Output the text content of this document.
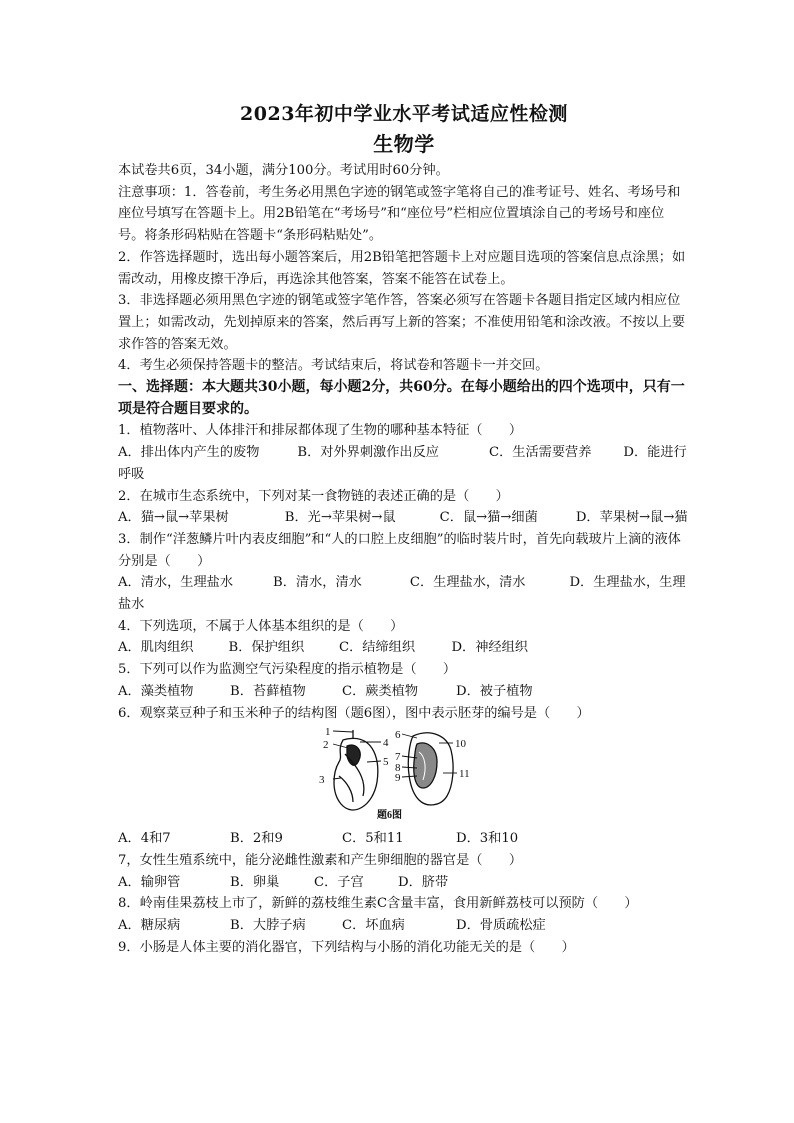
2023年初中学业水平考试适应性检测
生物学

本试卷共6页，34小题，满分100分。考试用时60分钟。

注意事项：1．答卷前，考生务必用黑色字迹的钢笔或签字笔将自己的准考证号、姓名、考场号和座位号填写在答题卡上。用2B铅笔在“考场号”和“座位号”栏相应位置填涂自己的考场号和座位号。将条形码粘贴在答题卡“条形码粘贴处”。

2．作答选择题时，选出每小题答案后，用2B铅笔把答题卡上对应题目选项的答案信息点涂黑；如需改动，用橡皮擦干净后，再选涂其他答案，答案不能答在试卷上。

3．非选择题必须用黑色字迹的钢笔或签字笔作答，答案必须写在答题卡各题目指定区域内相应位置上；如需改动，先划掉原来的答案，然后再写上新的答案；不准使用铅笔和涂改液。不按以上要求作答的答案无效。

4．考生必须保持答题卡的整洁。考试结束后，将试卷和答题卡一并交回。

一、选择题：本大题共30小题，每小题2分，共60分。在每小题给出的四个选项中，只有一项是符合题目要求的。

1．植物落叶、人体排汗和排尿都体现了生物的哪种基本特征（　　）

A．排出体内产生的废物	B．对外界刺激作出反应	C．生活需要营养 D．能进行呼吸

2．在城市生态系统中，下列对某一食物链的表述正确的是（　　）

A．猫→鼠→苹果树	B．光→苹果树→鼠	C．鼠→猫→细菌	D．苹果树→鼠→猫

3．制作“洋葱鳞片叶内表皮细胞”和“人的口腔上皮细胞”的临时装片时，首先向载玻片上滴的液体分别是（　　）

A．清水，生理盐水	B．清水，清水	C．生理盐水，清水	D．生理盐水，生理盐水

4．下列选项，不属于人体基本组织的是（　　）

A．肌肉组织	B．保护组织	C．结缔组织	D．神经组织

5．下列可以作为监测空气污染程度的指示植物是（　　）

A．藻类植物	B．苔藓植物	C．蕨类植物	D．被子植物

6．观察菜豆种子和玉米种子的结构图（题6图），图中表示胚芽的编号是（　　）

1
2
3
4
5
6
7
8
9
10
11
题6图
A．4和7	B．2和9	C．5和11	D．3和10

7，女性生殖系统中，能分泌雌性激素和产生卵细胞的器官是（　　）

A．输卵管	B．卵巢	C．子宫	D．脐带

8．岭南佳果荔枝上市了，新鲜的荔枝维生素C含量丰富，食用新鲜荔枝可以预防（　　）

A．糖尿病	B．大脖子病	C．坏血病	D．骨质疏松症

9．小肠是人体主要的消化器官，下列结构与小肠的消化功能无关的是（　　）
